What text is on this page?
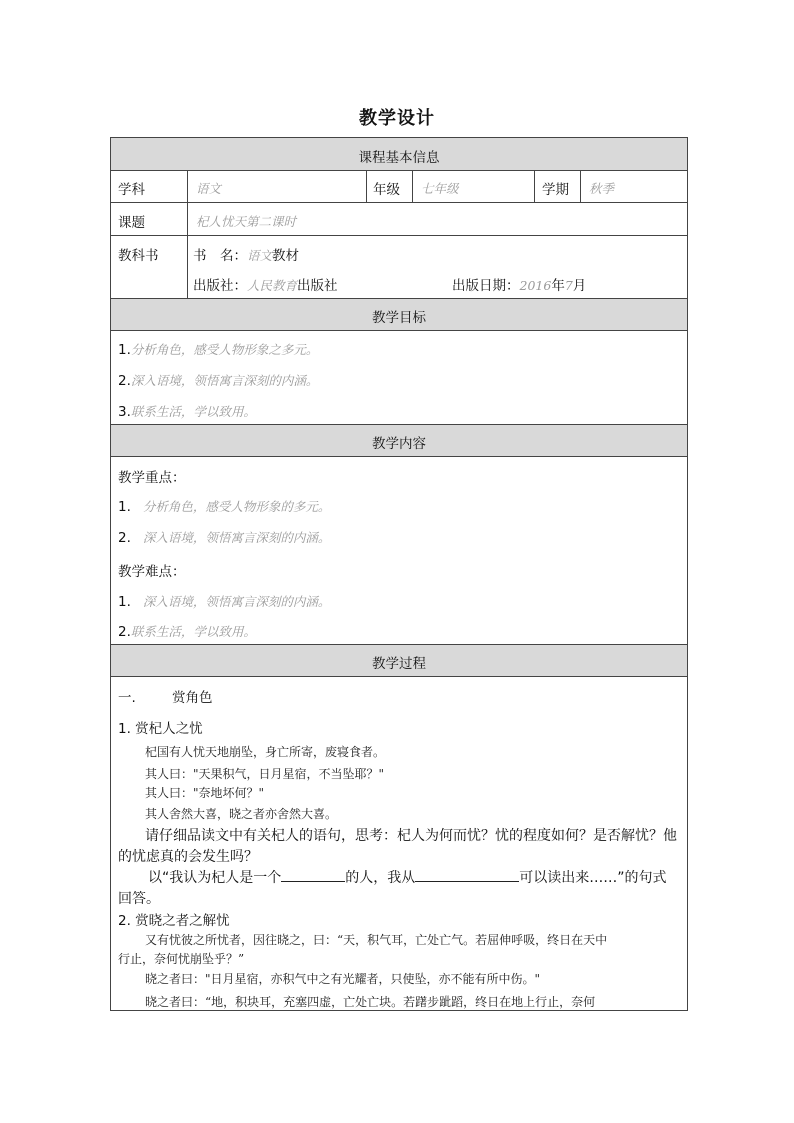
教学设计
课程基本信息
教学目标
教学内容
教学过程
学科	语文	年级 七年级	学期 秋季
课题	杞人忧天第二课时
教科书	书　名：语文教材
出版社：人民教育出版社	出版日期：2016年7月
1.分析角色，感受人物形象之多元。
2.深入语境，领悟寓言深刻的内涵。
3.联系生活，学以致用。
教学重点：
1. 分析角色，感受人物形象的多元。
2. 深入语境，领悟寓言深刻的内涵。
教学难点：
1. 深入语境，领悟寓言深刻的内涵。
2.联系生活，学以致用。
一.	赏角色
1. 赏杞人之忧
杞国有人忧天地崩坠，身亡所寄，废寝食者。
其人曰："天果积气，日月星宿，不当坠耶？"
其人曰："奈地坏何？"
其人舍然大喜，晓之者亦舍然大喜。
请仔细品读文中有关杞人的语句，思考：杞人为何而忧？忧的程度如何？是否解忧？他
的忧虑真的会发生吗？
以“我认为杞人是一个	的人，我从	可以读出来……”的句式
回答。
2. 赏晓之者之解忧
又有忧彼之所忧者，因往晓之，曰：“天，积气耳，亡处亡气。若屈伸呼吸，终日在天中
行止，奈何忧崩坠乎？”
晓之者曰："日月星宿，亦积气中之有光耀者，只使坠，亦不能有所中伤。"
晓之者曰：“地，积块耳，充塞四虚，亡处亡块。若躇步跐蹈，终日在地上行止，奈何
